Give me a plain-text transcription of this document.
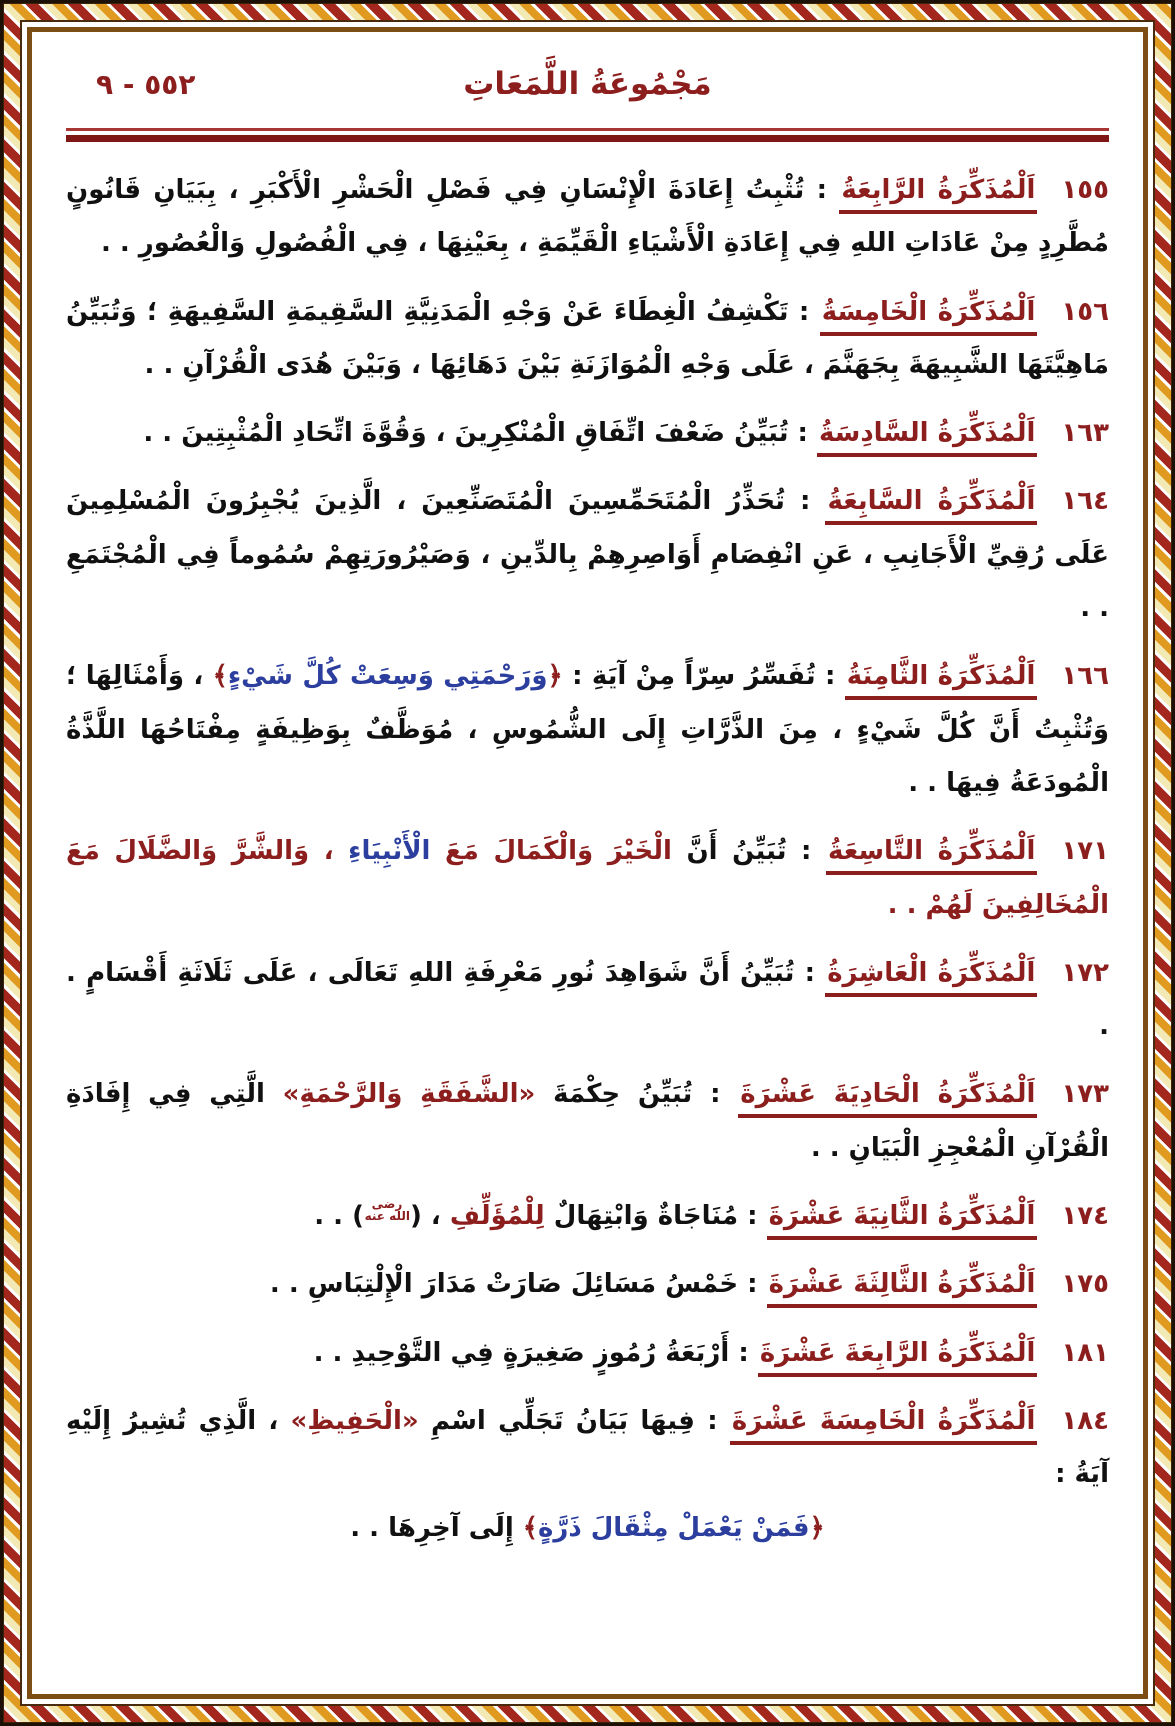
٥٥٢ - ٩	مَجْمُوعَةُ اللَّمَعَاتِ
١٥٥اَلْمُذَكِّرَةُ الرَّابِعَةُ : تُثْبِتُ إِعَادَةَ الْإِنْسَانِ فِي فَصْلِ الْحَشْرِ الْأَكْبَرِ ، بِبَيَانِ قَانُونٍ مُطَّرِدٍ مِنْ عَادَاتِ اللهِ فِي إِعَادَةِ الْأَشْيَاءِ الْقَيِّمَةِ ، بِعَيْنِهَا ، فِي الْفُصُولِ وَالْعُصُورِ . .
١٥٦اَلْمُذَكِّرَةُ الْخَامِسَةُ : تَكْشِفُ الْغِطَاءَ عَنْ وَجْهِ الْمَدَنِيَّةِ السَّقِيمَةِ السَّفِيهَةِ ؛ وَتُبَيِّنُ مَاهِيَّتَهَا الشَّبِيهَةَ بِجَهَنَّمَ ، عَلَى وَجْهِ الْمُوَازَنَةِ بَيْنَ دَهَائِهَا ، وَبَيْنَ هُدَى الْقُرْآنِ . .
١٦٣اَلْمُذَكِّرَةُ السَّادِسَةُ : تُبَيِّنُ ضَعْفَ اتِّفَاقِ الْمُنْكِرِينَ ، وَقُوَّةَ اتِّحَادِ الْمُثْبِتِينَ . .
١٦٤اَلْمُذَكِّرَةُ السَّابِعَةُ : تُحَذِّرُ الْمُتَحَمِّسِينَ الْمُتَصَنِّعِينَ ، الَّذِينَ يُجْبِرُونَ الْمُسْلِمِينَ عَلَى رُقِيِّ الْأَجَانِبِ ، عَنِ انْفِصَامِ أَوَاصِرِهِمْ بِالدِّينِ ، وَصَيْرُورَتِهِمْ سُمُوماً فِي الْمُجْتَمَعِ . .
١٦٦اَلْمُذَكِّرَةُ الثَّامِنَةُ : تُفَسِّرُ سِرّاً مِنْ آيَةِ : ﴿وَرَحْمَتِي وَسِعَتْ كُلَّ شَيْءٍ﴾ ، وَأَمْثَالِهَا ؛ وَتُثْبِتُ أَنَّ كُلَّ شَيْءٍ ، مِنَ الذَّرَّاتِ إِلَى الشُّمُوسِ ، مُوَظَّفٌ بِوَظِيفَةٍ مِفْتَاحُهَا اللَّذَّةُ الْمُودَعَةُ فِيهَا . .
١٧١اَلْمُذَكِّرَةُ التَّاسِعَةُ : تُبَيِّنُ أَنَّ الْخَيْرَ وَالْكَمَالَ مَعَ الْأَنْبِيَاءِ ، وَالشَّرَّ وَالضَّلَالَ مَعَ الْمُخَالِفِينَ لَهُمْ . .
١٧٢اَلْمُذَكِّرَةُ الْعَاشِرَةُ : تُبَيِّنُ أَنَّ شَوَاهِدَ نُورِ مَعْرِفَةِ اللهِ تَعَالَى ، عَلَى ثَلَاثَةِ أَقْسَامٍ . .
١٧٣اَلْمُذَكِّرَةُ الْحَادِيَةَ عَشْرَةَ : تُبَيِّنُ حِكْمَةَ «الشَّفَقَةِ وَالرَّحْمَةِ» الَّتِي فِي إِفَادَةِ الْقُرْآنِ الْمُعْجِزِ الْبَيَانِ . .
١٧٤اَلْمُذَكِّرَةُ الثَّانِيَةَ عَشْرَةَ : مُنَاجَاةٌ وَابْتِهَالٌ لِلْمُؤَلِّفِ ، (رضى الله عنه) . .
١٧٥اَلْمُذَكِّرَةُ الثَّالِثَةَ عَشْرَةَ : خَمْسُ مَسَائِلَ صَارَتْ مَدَارَ الْإِلْتِبَاسِ . .
١٨١اَلْمُذَكِّرَةُ الرَّابِعَةَ عَشْرَةَ : أَرْبَعَةُ رُمُوزٍ صَغِيرَةٍ فِي التَّوْحِيدِ . .
١٨٤اَلْمُذَكِّرَةُ الْخَامِسَةَ عَشْرَةَ : فِيهَا بَيَانُ تَجَلِّي اسْمِ «الْحَفِيظِ» ، الَّذِي تُشِيرُ إِلَيْهِ آيَةُ :
﴿فَمَنْ يَعْمَلْ مِثْقَالَ ذَرَّةٍ﴾ إِلَى آخِرِهَا . .
